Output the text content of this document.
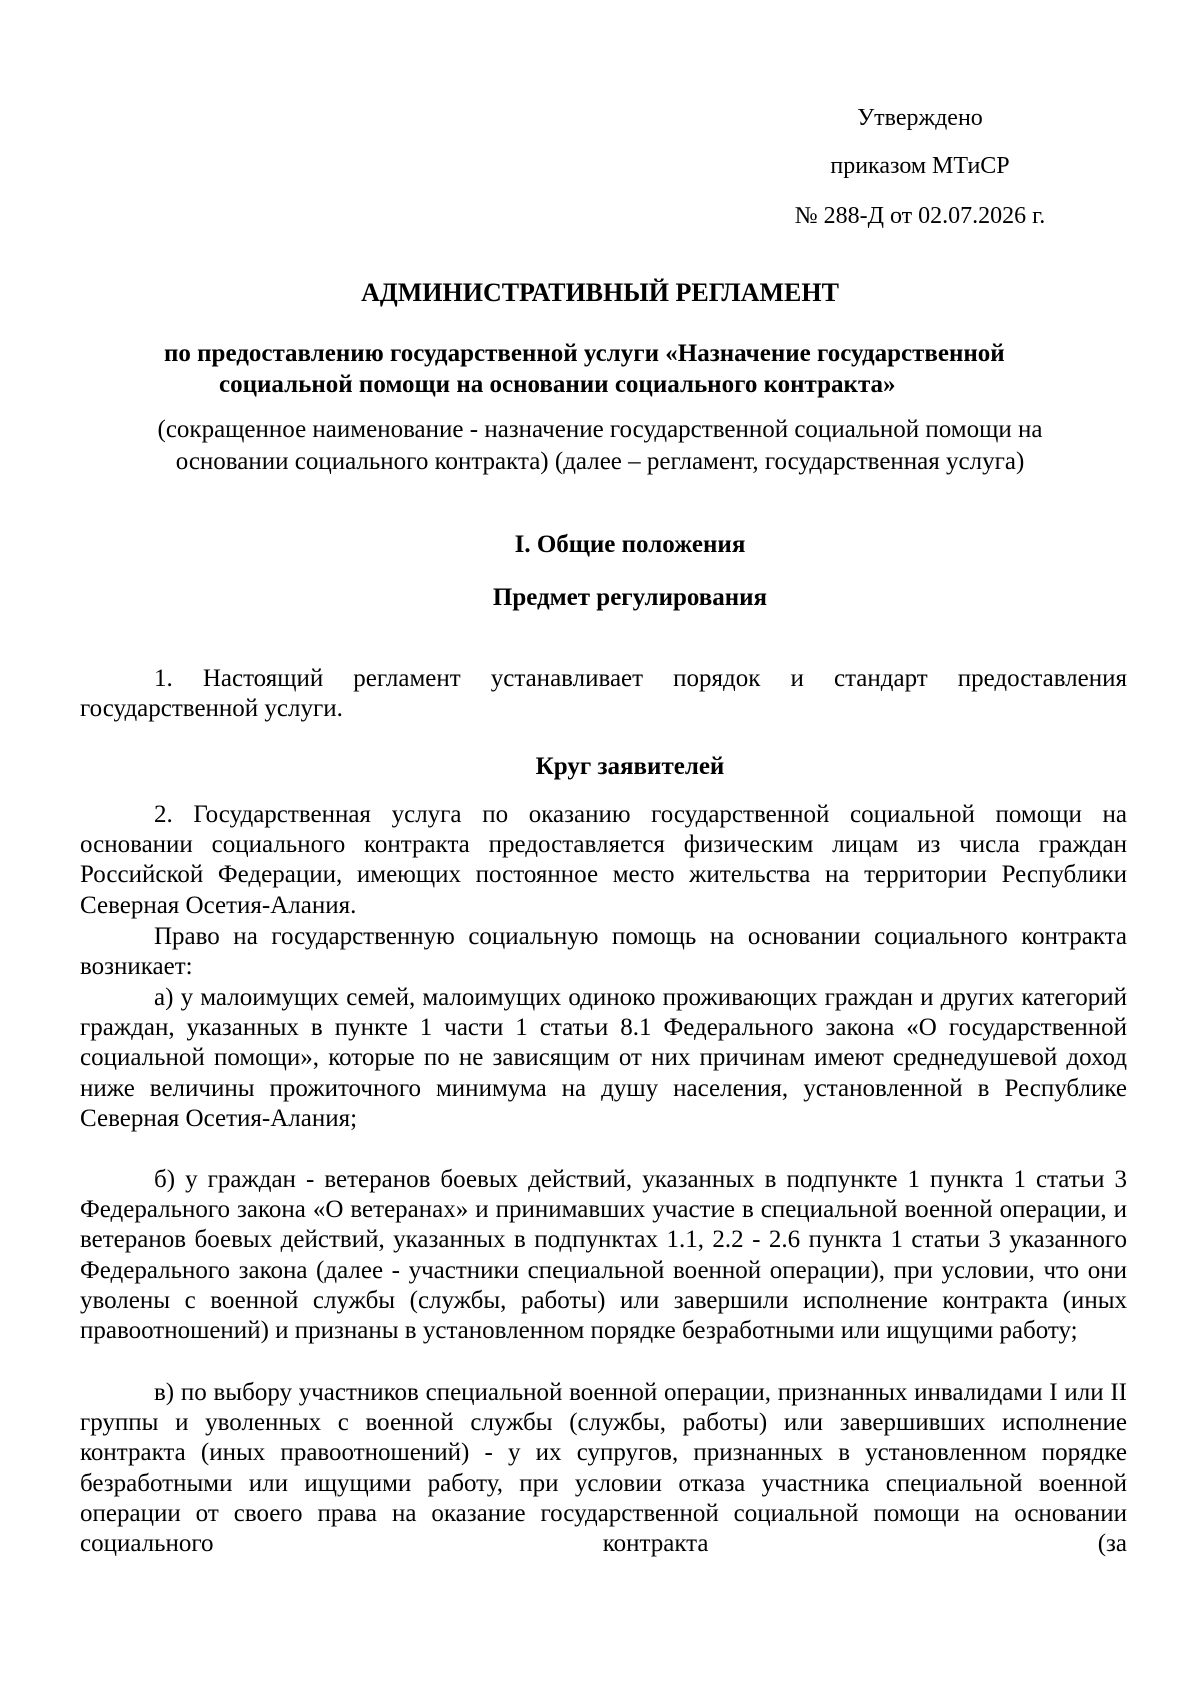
Утверждено
приказом МТиСР
№ 288-Д от 02.07.2026 г.
АДМИНИСТРАТИВНЫЙ РЕГЛАМЕНТ
по предоставлению государственной услуги «Назначение государственной
социальной помощи на основании социального контракта»
(сокращенное наименование - назначение государственной социальной помощи на
основании социального контракта) (далее – регламент, государственная услуга)
I. Общие положения
Предмет регулирования
1. Настоящий регламент устанавливает порядок и стандарт предоставления государственной услуги.
Круг заявителей
2. Государственная услуга по оказанию государственной социальной помощи на основании социального контракта предоставляется физическим лицам из числа граждан Российской Федерации, имеющих постоянное место жительства на территории Республики Северная Осетия-Алания.
Право на государственную социальную помощь на основании социального контракта возникает:
а) у малоимущих семей, малоимущих одиноко проживающих граждан и других категорий граждан, указанных в пункте 1 части 1 статьи 8.1 Федерального закона «О государственной социальной помощи», которые по не зависящим от них причинам имеют среднедушевой доход ниже величины прожиточного минимума на душу населения, установленной в Республике Северная Осетия-Алания;
б) у граждан - ветеранов боевых действий, указанных в подпункте 1 пункта 1 статьи 3 Федерального закона «О ветеранах» и принимавших участие в специальной военной операции, и ветеранов боевых действий, указанных в подпунктах 1.1, 2.2 - 2.6 пункта 1 статьи 3 указанного Федерального закона (далее - участники специальной военной операции), при условии, что они уволены с военной службы (службы, работы) или завершили исполнение контракта (иных правоотношений) и признаны в установленном порядке безработными или ищущими работу;
в) по выбору участников специальной военной операции, признанных инвалидами I или II группы и уволенных с военной службы (службы, работы) или завершивших исполнение контракта (иных правоотношений) - у их супругов, признанных в установленном порядке безработными или ищущими работу, при условии отказа участника специальной военной операции от своего права на оказание государственной социальной помощи на основании социального контракта (за
